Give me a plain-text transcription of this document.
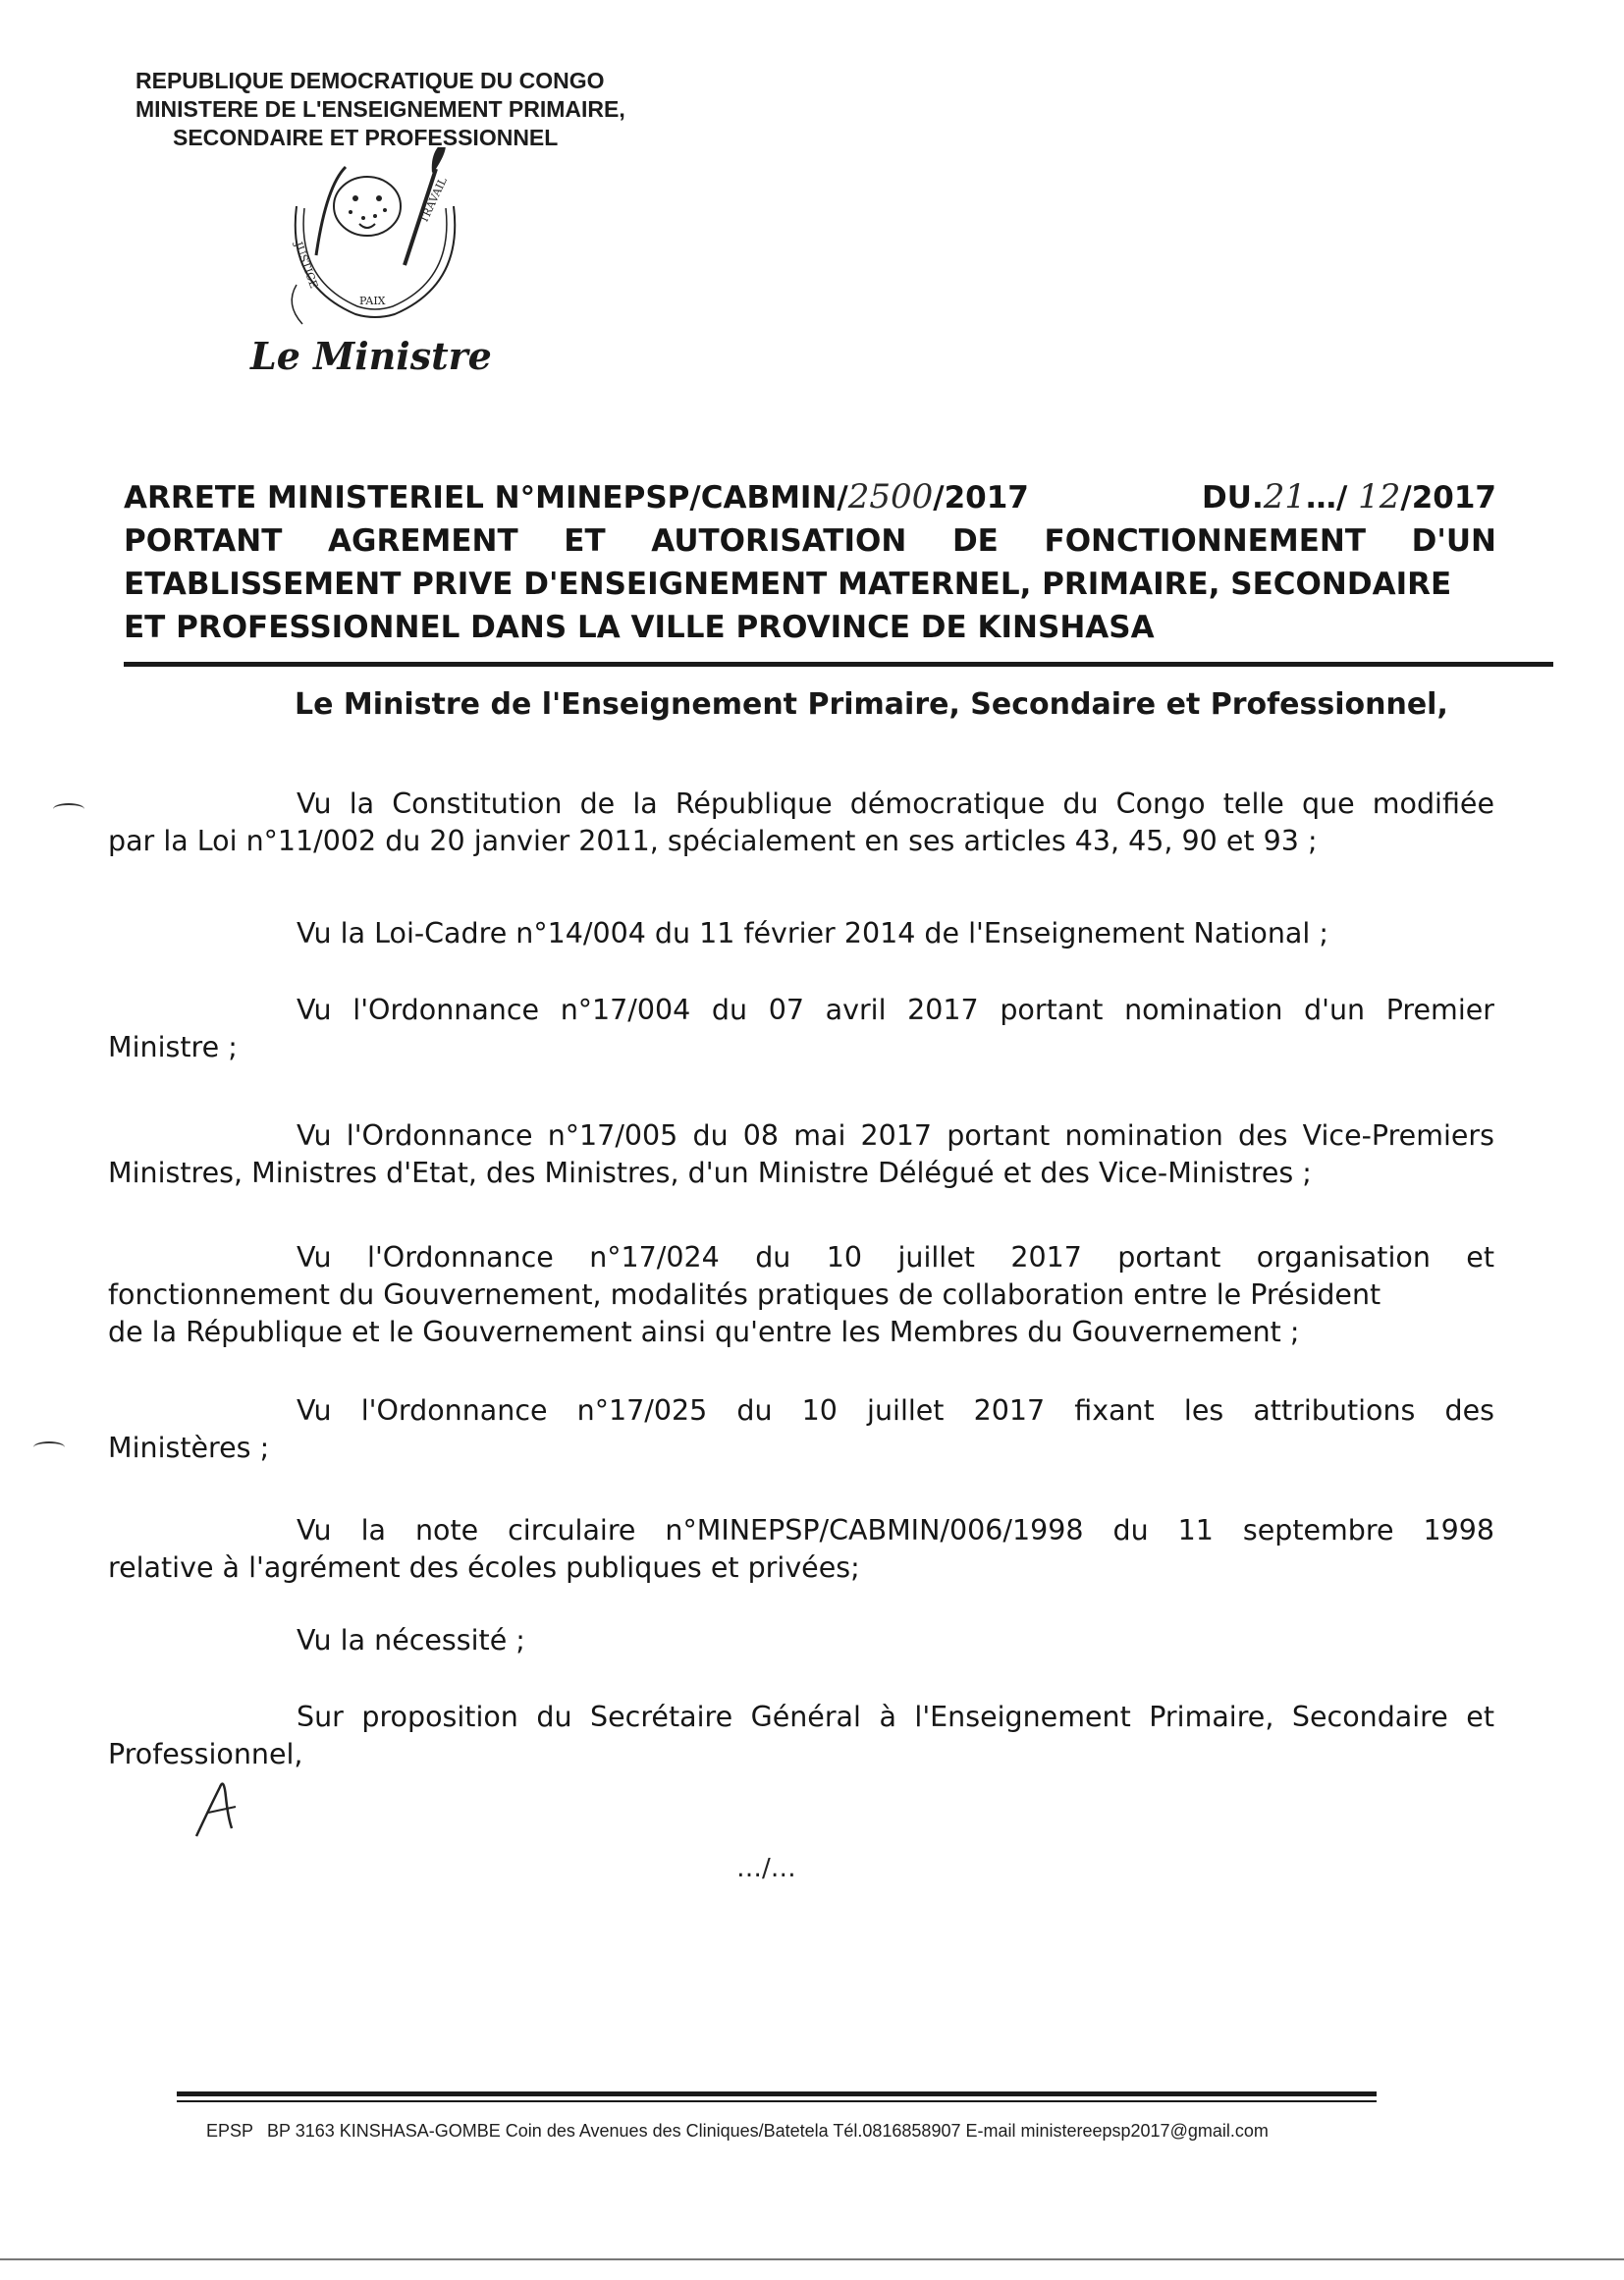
REPUBLIQUE DEMOCRATIQUE DU CONGO
MINISTERE DE L'ENSEIGNEMENT PRIMAIRE,
SECONDAIRE ET PROFESSIONNEL
JUSTICE
PAIX
TRAVAIL
Le Ministre
ARRETE MINISTERIEL N°MINEPSP/CABMIN/2500/2017	DU.21…/ 12/2017
PORTANT AGREMENT ET AUTORISATION DE FONCTIONNEMENT D'UN
ETABLISSEMENT PRIVE D'ENSEIGNEMENT MATERNEL, PRIMAIRE, SECONDAIRE
ET PROFESSIONNEL DANS LA VILLE PROVINCE DE KINSHASA
Le Ministre de l'Enseignement Primaire, Secondaire et Professionnel,
Vu la Constitution de la République démocratique du Congo telle que modifiée
par la Loi n°11/002 du 20 janvier 2011, spécialement en ses articles 43, 45, 90 et 93 ;
Vu la Loi-Cadre n°14/004 du 11 février 2014 de l'Enseignement National ;
Vu l'Ordonnance n°17/004 du 07 avril 2017 portant nomination d'un Premier
Ministre ;
Vu l'Ordonnance n°17/005 du 08 mai 2017 portant nomination des Vice-Premiers
Ministres, Ministres d'Etat, des Ministres, d'un Ministre Délégué et des Vice-Ministres ;
Vu l'Ordonnance n°17/024 du 10 juillet 2017 portant organisation et
fonctionnement du Gouvernement, modalités pratiques de collaboration entre le Président
de la République et le Gouvernement ainsi qu'entre les Membres du Gouvernement ;
Vu l'Ordonnance n°17/025 du 10 juillet 2017 fixant les attributions des
Ministères ;
Vu la note circulaire n°MINEPSP/CABMIN/006/1998 du 11 septembre 1998
relative à l'agrément des écoles publiques et privées;
Vu la nécessité ;
Sur proposition du Secrétaire Général à l'Enseignement Primaire, Secondaire et
Professionnel,
…/…
EPSP BP 3163 KINSHASA-GOMBE Coin des Avenues des Cliniques/Batetela Tél.0816858907 E-mail ministereepsp2017@gmail.com
